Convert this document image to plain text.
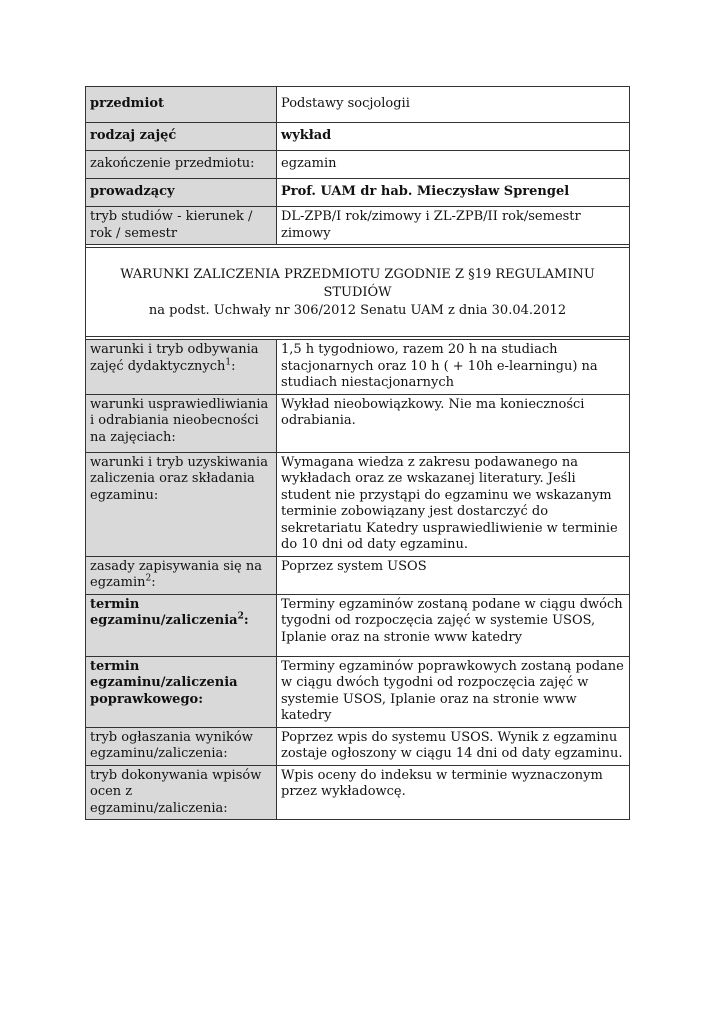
przedmiot	Podstawy socjologii
rodzaj zajęć	wykład
zakończenie przedmiotu:	egzamin
prowadzący	Prof. UAM dr hab. Mieczysław Sprengel
tryb studiów - kierunek / rok / semestr	DL-ZPB/I rok/zimowy i ZL-ZPB/II rok/semestr zimowy

WARUNKI ZALICZENIA PRZEDMIOTU ZGODNIE Z §19 REGULAMINU STUDIÓW
na podst. Uchwały nr 306/2012 Senatu UAM z dnia 30.04.2012	

warunki i tryb odbywania zajęć dydaktycznych$^1$:	1,5 h tygodniowo, razem 20 h na studiach stacjonarnych oraz 10 h ( + 10h e-learningu) na studiach niestacjonarnych
warunki usprawiedliwiania i odrabiania nieobecności na zajęciach:	Wykład nieobowiązkowy. Nie ma konieczności odrabiania.
warunki i tryb uzyskiwania zaliczenia oraz składania egzaminu:	Wymagana wiedza z zakresu podawanego na wykładach oraz ze wskazanej literatury. Jeśli student nie przystąpi do egzaminu we wskazanym terminie zobowiązany jest dostarczyć do sekretariatu Katedry usprawiedliwienie w terminie do 10 dni od daty egzaminu.
zasady zapisywania się na egzamin$^2$:	Poprzez system USOS
termin egzaminu/zaliczenia$^2$:	Terminy egzaminów zostaną podane w ciągu dwóch tygodni od rozpoczęcia zajęć w systemie USOS, Iplanie oraz na stronie www katedry
termin egzaminu/zaliczenia poprawkowego:	Terminy egzaminów poprawkowych zostaną podane w ciągu dwóch tygodni od rozpoczęcia zajęć w systemie USOS, Iplanie oraz na stronie www katedry
tryb ogłaszania wyników egzaminu/zaliczenia:	Poprzez wpis do systemu USOS. Wynik z egzaminu zostaje ogłoszony w ciągu 14 dni od daty egzaminu.
tryb dokonywania wpisów ocen z egzaminu/zaliczenia:	Wpis oceny do indeksu w terminie wyznaczonym przez wykładowcę.
